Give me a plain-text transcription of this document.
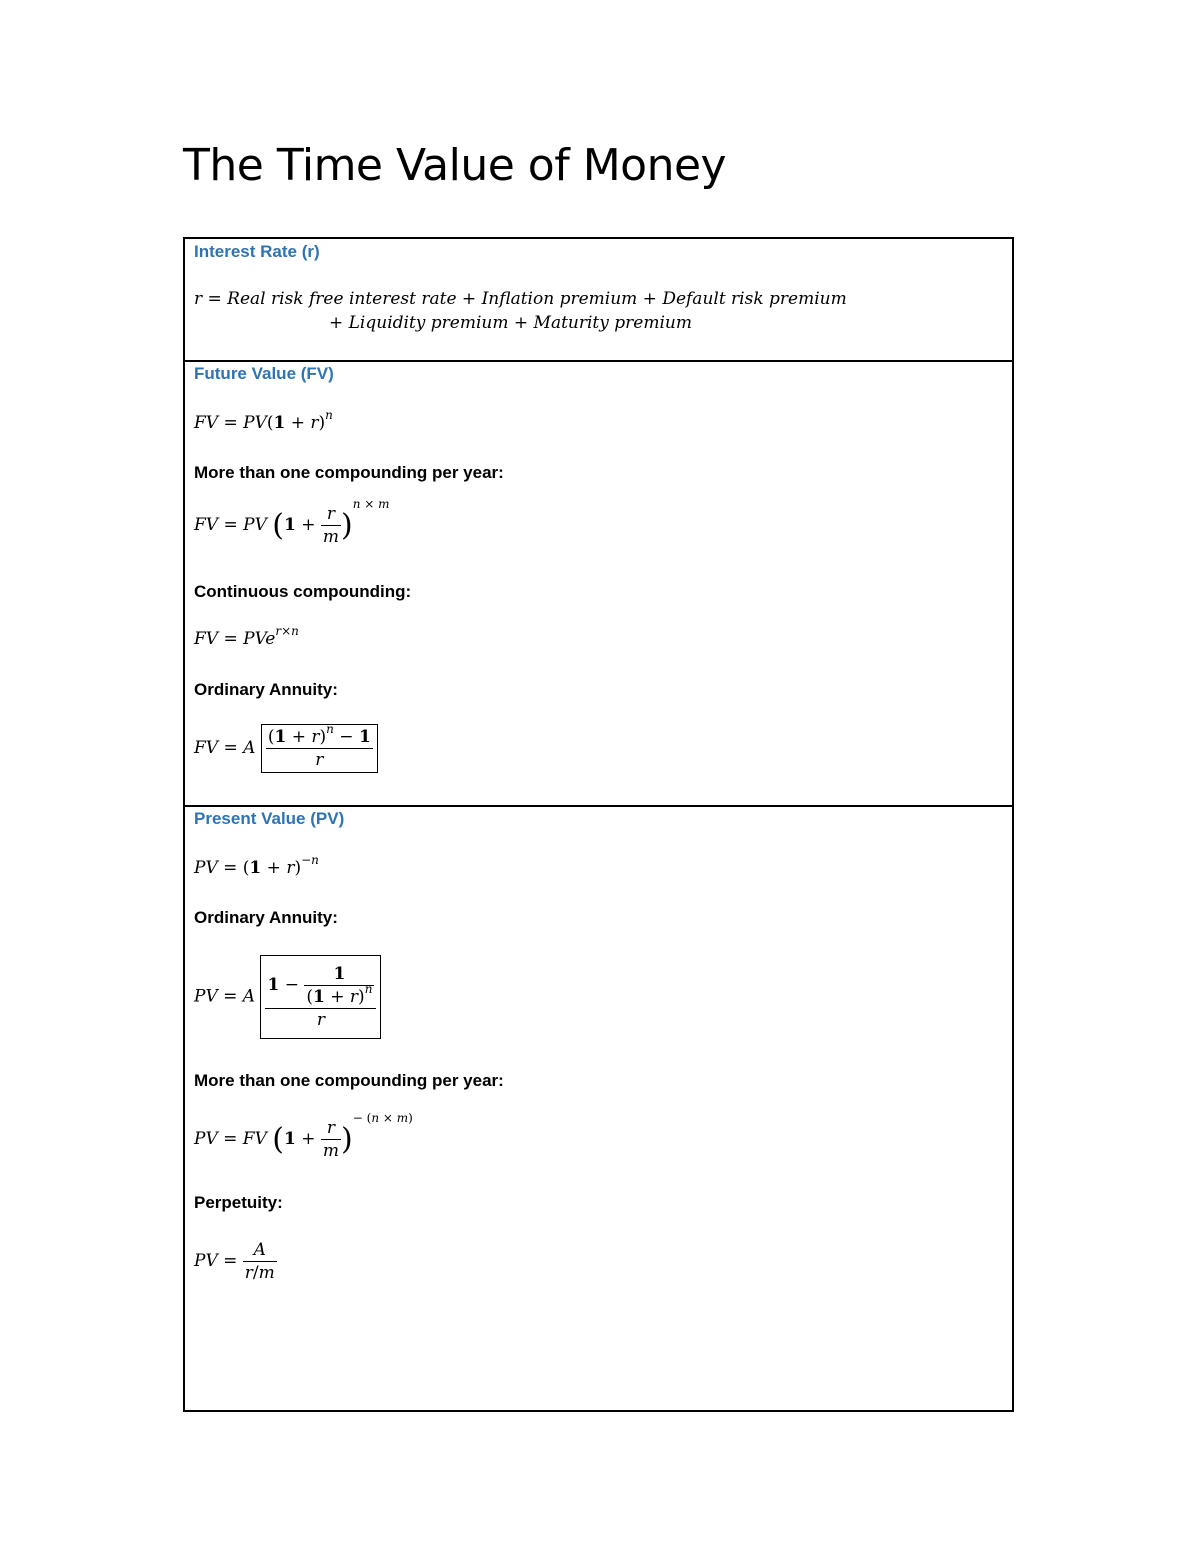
The Time Value of Money
Interest Rate (r)
r = Real risk free interest rate + Inflation premium + Default risk premium
+ Liquidity premium + Maturity premium
Future Value (FV)
FV = $PV(1 + r)^n$
More than one compounding per year:
FV = PV $(1 + \frac{r}{m} )^{n \times m}$
Continuous compounding:
FV = PVe$^{r\times n}$
Ordinary Annuity:
FV = A $\frac{(1 + r)^n - 1}{r}$
Present Value (PV)
PV = $(1 + r)^{-n}$
Ordinary Annuity:
PV = A $\frac{1 - \frac{1}{(1 + r)^n}}{r}$
More than one compounding per year:
PV = FV $(1 + \frac{r}{m} )^{- (n \times m)}$
Perpetuity:
PV = $\frac{A}{r/m}$
